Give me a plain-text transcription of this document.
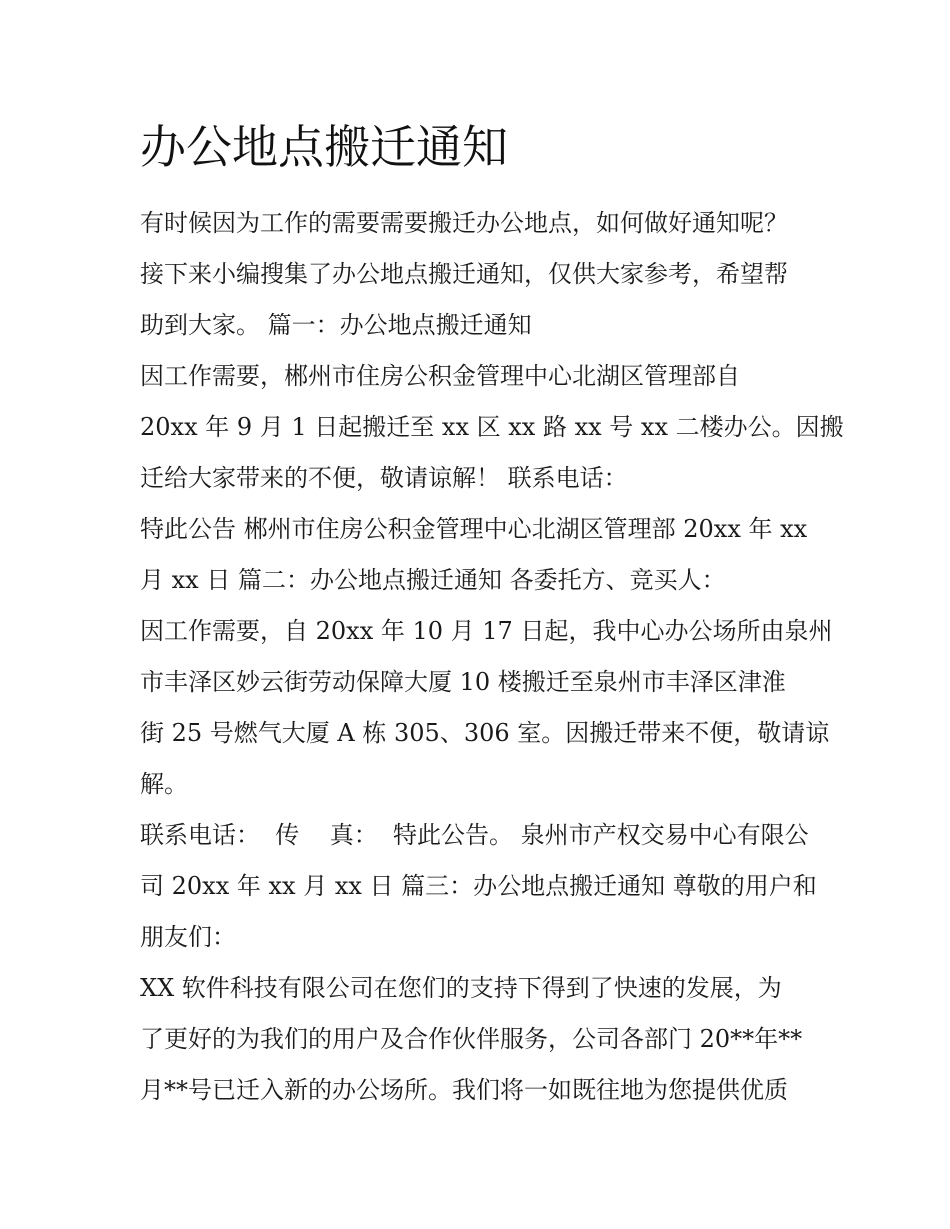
办公地点搬迁通知
有时候因为工作的需要需要搬迁办公地点，如何做好通知呢？
接下来小编搜集了办公地点搬迁通知，仅供大家参考，希望帮
助到大家。 篇一：办公地点搬迁通知
因工作需要，郴州市住房公积金管理中心北湖区管理部自
20xx 年 9 月 1 日起搬迁至 xx 区 xx 路 xx 号 xx 二楼办公。因搬
迁给大家带来的不便，敬请谅解！ 联系电话：
特此公告 郴州市住房公积金管理中心北湖区管理部 20xx 年 xx
月 xx 日 篇二：办公地点搬迁通知 各委托方、竞买人：
因工作需要，自 20xx 年 10 月 17 日起，我中心办公场所由泉州
市丰泽区妙云街劳动保障大厦 10 楼搬迁至泉州市丰泽区津淮
街 25 号燃气大厦 A 栋 305、306 室。因搬迁带来不便，敬请谅
解。
联系电话：  传    真：  特此公告。 泉州市产权交易中心有限公
司 20xx 年 xx 月 xx 日 篇三：办公地点搬迁通知 尊敬的用户和
朋友们：
XX 软件科技有限公司在您们的支持下得到了快速的发展，为
了更好的为我们的用户及合作伙伴服务，公司各部门 20**年**
月**号已迁入新的办公场所。我们将一如既往地为您提供优质
